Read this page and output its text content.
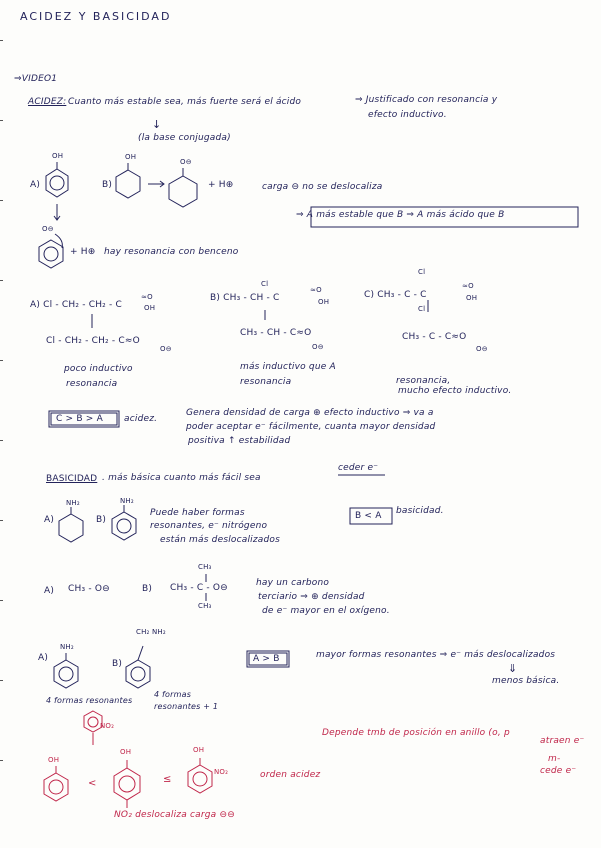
ACIDEZ Y BASICIDAD
⇒VIDEO1
ACIDEZ: Cuanto más estable sea, más fuerte será el ácido	⇒ Justificado con resonancia y
efecto inductivo.
↓
(la base conjugada)
OH	OH
A)	B)
O⊖
+ H⊕	carga ⊖ no se deslocaliza
⇒ A más estable que B ⇒ A más ácido que B
O⊖
+ H⊕ hay resonancia con benceno
A) Cl - CH₂ - CH₂ - C
≈O
OH
B) CH₃ - CH - C
Cl
≈O
OH
C) CH₃ - C - C
Cl
Cl
≈O
OH
Cl - CH₂ - CH₂ - C≈O
O⊖
CH₃ - CH - C≈O
O⊖
CH₃ - C - C≈O
O⊖
poco inductivo
resonancia
más inductivo que A
resonancia	resonancia,
mucho efecto inductivo.
C > B > A acidez.
Genera densidad de carga ⊕ efecto inductivo ⇒ va a
poder aceptar e⁻ fácilmente, cuanta mayor densidad
positiva ↑ estabilidad
BASICIDAD . más básica cuanto más fácil sea
ceder e⁻
A)
NH₂
B)
NH₂
Puede haber formas
resonantes, e⁻ nitrógeno
están más deslocalizados
B < A basicidad.
A) CH₃ - O⊖	B) CH₃ - C - O⊖
CH₃
CH₃
hay un carbono
terciario ⇒ ⊕ densidad
de e⁻ mayor en el oxígeno.
A)
NH₂
B)
CH₂ NH₂
A > B	mayor formas resonantes ⇒ e⁻ más deslocalizados
⇓
menos básica.
4 formas resonantes
4 formas
resonantes + 1
NO₂
Depende tmb de posición en anillo (o, p
atraen e⁻
m-
cede e⁻
OH
OH	OH
<	≤
NO₂	orden acidez
NO₂ deslocaliza carga ⊖⊖
